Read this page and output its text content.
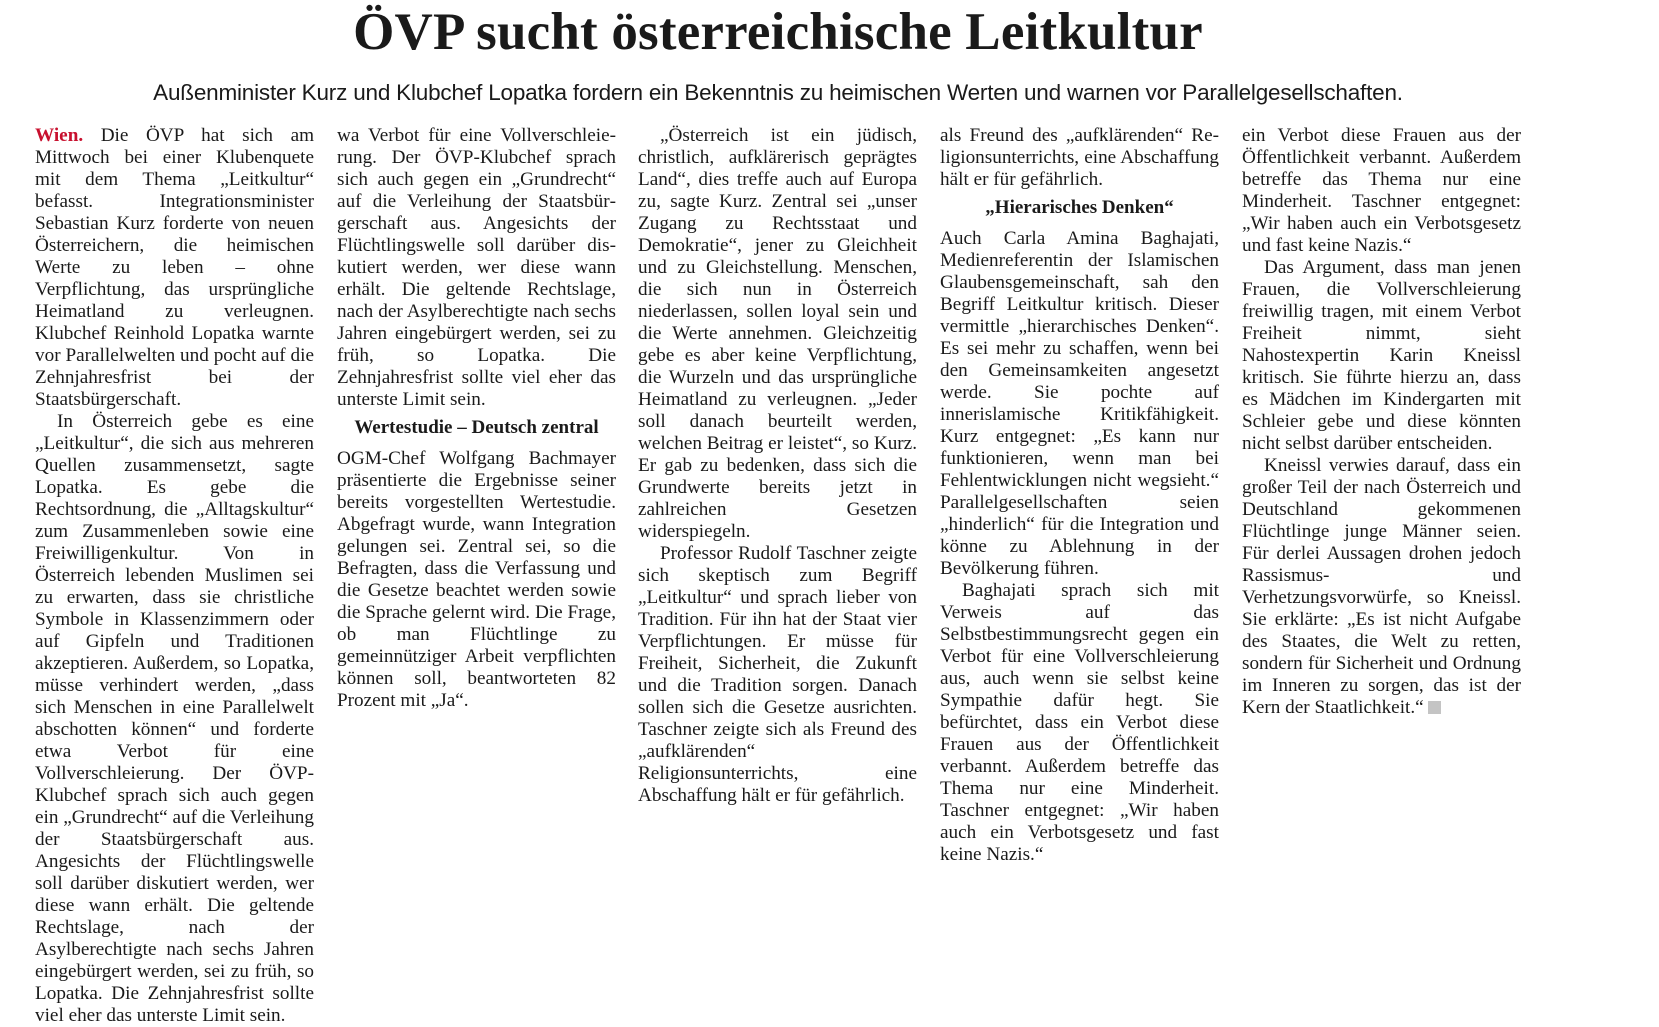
ÖVP sucht österreichische Leitkultur
Außenminister Kurz und Klubchef Lopatka fordern ein Bekenntnis zu heimischen Werten und warnen vor Parallelgesellschaften.

Wien. Die ÖVP hat sich am Mittwoch bei einer Klubenquete mit dem Thema „Leitkultur“ befasst. Integrationsminister Sebastian Kurz forderte von neuen Österreichern, die heimischen Werte zu leben – ohne Verpflichtung, das ursprüngliche Heimatland zu verleugnen. Klubchef Reinhold Lopatka warnte vor Parallelwelten und pocht auf die Zehnjahresfrist bei der Staatsbürgerschaft.

In Österreich gebe es eine „Leitkultur“, die sich aus mehreren Quellen zusammensetzt, sagte Lopatka. Es gebe die Rechtsordnung, die „Alltagskultur“ zum Zusammenleben sowie eine Freiwilligenkultur. Von in Österreich lebenden Muslimen sei zu erwarten, dass sie christliche Symbole in Klassenzimmern oder auf Gipfeln und Traditionen akzeptieren. Außerdem, so Lopatka, müsse verhindert werden, „dass sich Menschen in eine Parallelwelt abschotten können“ und forderte etwa Verbot für eine Vollverschleierung. Der ÖVP-Klubchef sprach sich auch gegen ein „Grundrecht“ auf die Verleihung der Staatsbürgerschaft aus. Angesichts der Flüchtlingswelle soll darüber diskutiert werden, wer diese wann erhält. Die geltende Rechtslage, nach der Asylberechtigte nach sechs Jahren eingebürgert werden, sei zu früh, so Lopatka. Die Zehnjahresfrist sollte viel eher das unterste Limit sein.

wa Verbot für eine Vollverschleierung. Der ÖVP-Klubchef sprach sich auch gegen ein „Grundrecht“ auf die Verleihung der Staatsbürgerschaft aus. Angesichts der Flüchtlingswelle soll darüber diskutiert werden, wer diese wann erhält. Die geltende Rechtslage, nach der Asylberechtigte nach sechs Jahren eingebürgert werden, sei zu früh, so Lopatka. Die Zehnjahresfrist sollte viel eher das unterste Limit sein.

Wertestudie – Deutsch zentral

OGM-Chef Wolfgang Bachmayer präsentierte die Ergebnisse seiner bereits vorgestellten Wertestudie. Abgefragt wurde, wann Integration gelungen sei. Zentral sei, so die Befragten, dass die Verfassung und die Gesetze beachtet werden sowie die Sprache gelernt wird. Die Frage, ob man Flüchtlinge zu gemeinnütziger Arbeit verpflichten können soll, beantworteten 82 Prozent mit „Ja“.

„Österreich ist ein jüdisch, christlich, aufklärerisch geprägtes Land“, dies treffe auch auf Europa zu, sagte Kurz. Zentral sei „unser Zugang zu Rechtsstaat und Demokratie“, jener zu Gleichheit und zu Gleichstellung. Menschen, die sich nun in Österreich niederlassen, sollen loyal sein und die Werte annehmen. Gleichzeitig gebe es aber keine Verpflichtung, die Wurzeln und das ursprüngliche Heimatland zu verleugnen. „Jeder soll danach beurteilt werden, welchen Beitrag er leistet“, so Kurz. Er gab zu bedenken, dass sich die Grundwerte bereits jetzt in zahlreichen Gesetzen widerspiegeln.

Professor Rudolf Taschner zeigte sich skeptisch zum Begriff „Leitkultur“ und sprach lieber von Tradition. Für ihn hat der Staat vier Verpflichtungen. Er müsse für Freiheit, Sicherheit, die Zukunft und die Tradition sorgen. Danach sollen sich die Gesetze ausrichten. Taschner zeigte sich als Freund des „aufklärenden“ Religionsunterrichts, eine Abschaffung hält er für gefährlich.

als Freund des „aufklärenden“ Religionsunterrichts, eine Abschaffung hält er für gefährlich.

„Hierarisches Denken“

Auch Carla Amina Baghajati, Medienreferentin der Islamischen Glaubensgemeinschaft, sah den Begriff Leitkultur kritisch. Dieser vermittle „hierarchisches Denken“. Es sei mehr zu schaffen, wenn bei den Gemeinsamkeiten angesetzt werde. Sie pochte auf innerislamische Kritikfähigkeit. Kurz entgegnet: „Es kann nur funktionieren, wenn man bei Fehlentwicklungen nicht wegsieht.“ Parallelgesellschaften seien „hinderlich“ für die Integration und könne zu Ablehnung in der Bevölkerung führen.

Baghajati sprach sich mit Verweis auf das Selbstbestimmungsrecht gegen ein Verbot für eine Vollverschleierung aus, auch wenn sie selbst keine Sympathie dafür hegt. Sie befürchtet, dass ein Verbot diese Frauen aus der Öffentlichkeit verbannt. Außerdem betreffe das Thema nur eine Minderheit. Taschner entgegnet: „Wir haben auch ein Verbotsgesetz und fast keine Nazis.“

ein Verbot diese Frauen aus der Öffentlichkeit verbannt. Außerdem betreffe das Thema nur eine Minderheit. Taschner entgegnet: „Wir haben auch ein Verbotsgesetz und fast keine Nazis.“

Das Argument, dass man jenen Frauen, die Vollverschleierung freiwillig tragen, mit einem Verbot Freiheit nimmt, sieht Nahostexpertin Karin Kneissl kritisch. Sie führte hierzu an, dass es Mädchen im Kindergarten mit Schleier gebe und diese könnten nicht selbst darüber entscheiden.

Kneissl verwies darauf, dass ein großer Teil der nach Österreich und Deutschland gekommenen Flüchtlinge junge Männer seien. Für derlei Aussagen drohen jedoch Rassismus- und Verhetzungsvorwürfe, so Kneissl. Sie erklärte: „Es ist nicht Aufgabe des Staates, die Welt zu retten, sondern für Sicherheit und Ordnung im Inneren zu sorgen, das ist der Kern der Staatlichkeit.“
